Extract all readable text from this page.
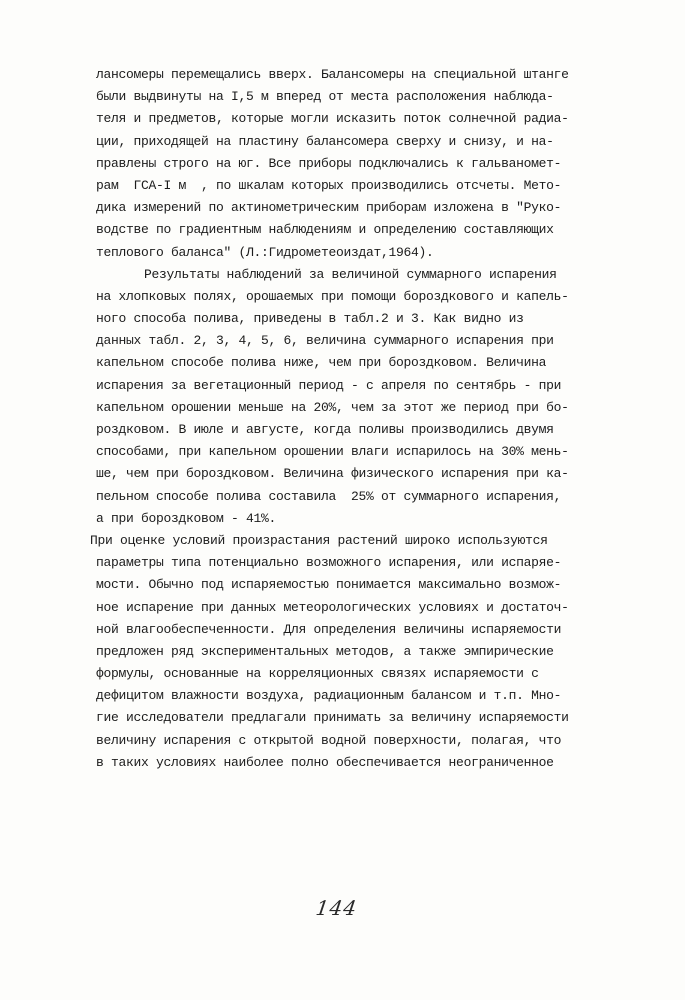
лансомеры перемещались вверх. Балансомеры на специальной штанге
были выдвинуты на I,5 м вперед от места расположения наблюда-
теля и предметов, которые могли исказить поток солнечной радиа-
ции, приходящей на пластину балансомера сверху и снизу, и на-
правлены строго на юг. Все приборы подключались к гальваномет-
рам  ГСА-I м  , по шкалам которых производились отсчеты. Мето-
дика измерений по актинометрическим приборам изложена в "Руко-
водстве по градиентным наблюдениям и определению составляющих
теплового баланса" (Л.:Гидрометеоиздат,1964).
Результаты наблюдений за величиной суммарного испарения
на хлопковых полях, орошаемых при помощи бороздкового и капель-
ного способа полива, приведены в табл.2 и 3. Как видно из
данных табл. 2, 3, 4, 5, 6, величина суммарного испарения при
капельном способе полива ниже, чем при бороздковом. Величина
испарения за вегетационный период - с апреля по сентябрь - при
капельном орошении меньше на 20%, чем за этот же период при бо-
роздковом. В июле и августе, когда поливы производились двумя
способами, при капельном орошении влаги испарилось на 30% мень-
ше, чем при бороздковом. Величина физического испарения при ка-
пельном способе полива составила  25% от суммарного испарения,
а при бороздковом - 41%.
При оценке условий произрастания растений широко используются
параметры типа потенциально возможного испарения, или испаряе-
мости. Обычно под испаряемостью понимается максимально возмож-
ное испарение при данных метеорологических условиях и достаточ-
ной влагообеспеченности. Для определения величины испаряемости
предложен ряд экспериментальных методов, а также эмпирические
формулы, основанные на корреляционных связях испаряемости с
дефицитом влажности воздуха, радиационным балансом и т.п. Мно-
гие исследователи предлагали принимать за величину испаряемости
величину испарения с открытой водной поверхности, полагая, что
в таких условиях наиболее полно обеспечивается неограниченное
144
